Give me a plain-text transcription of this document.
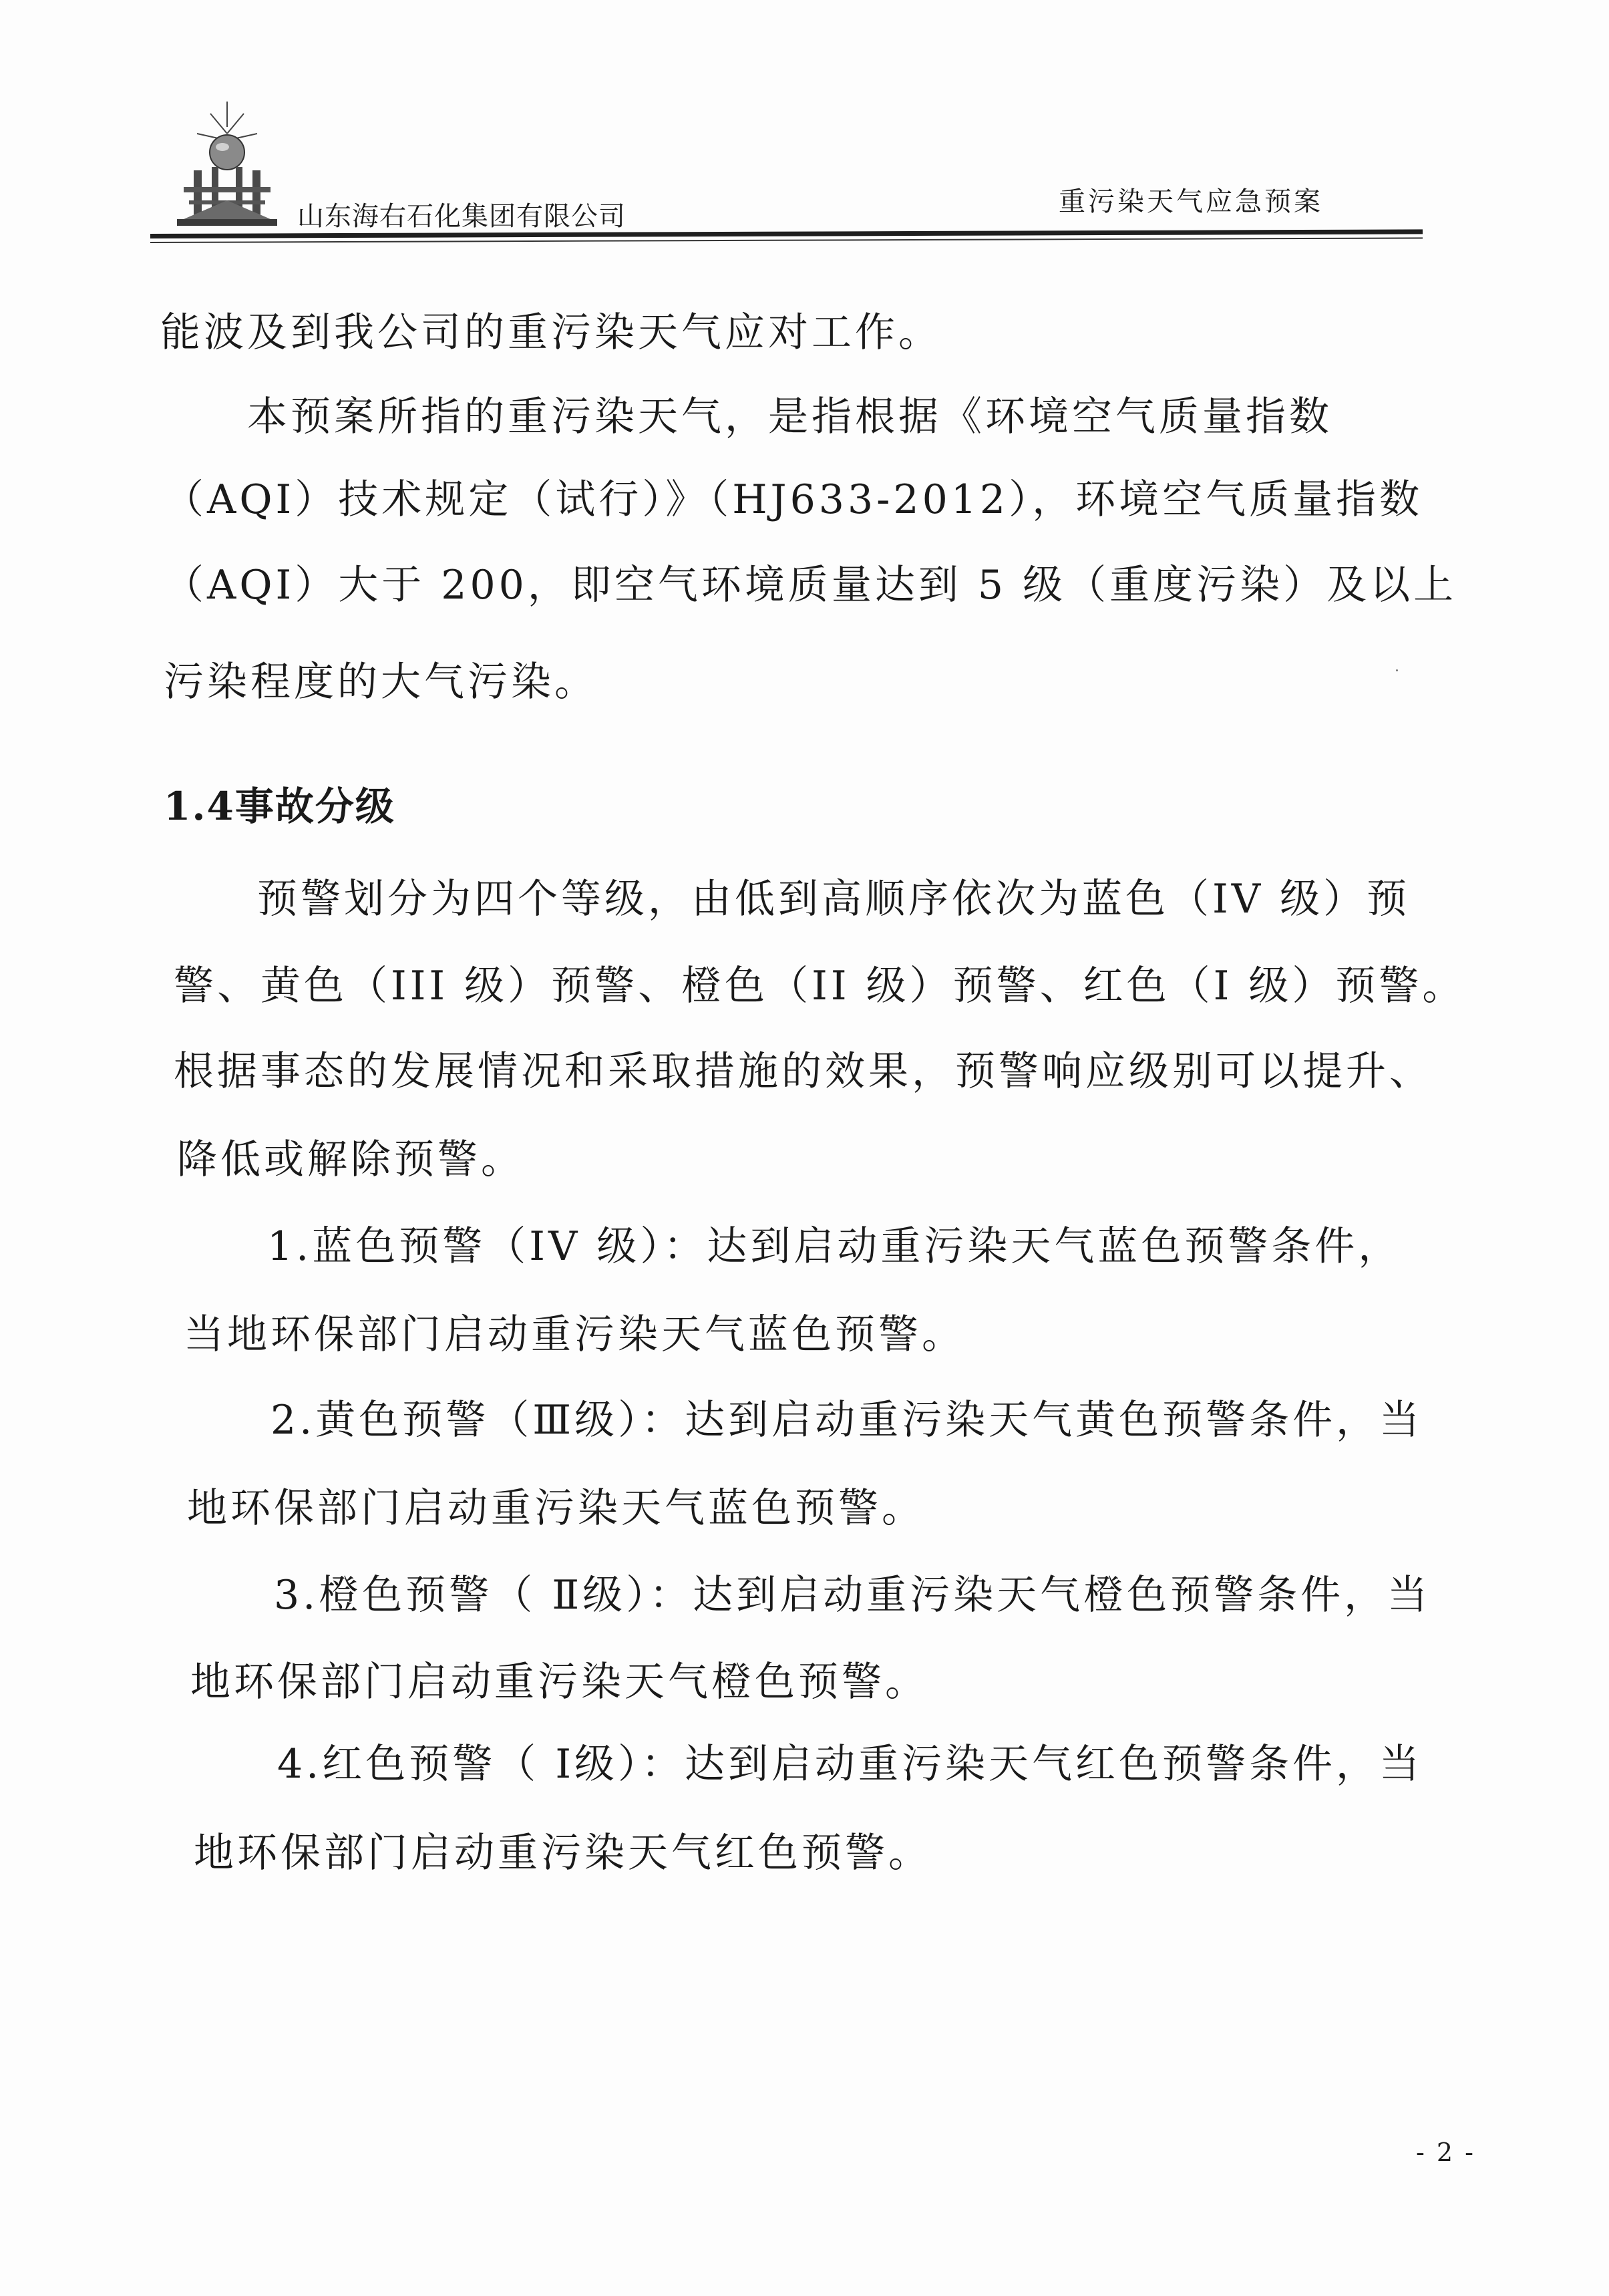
山东海右石化集团有限公司	重污染天气应急预案
能波及到我公司的重污染天气应对工作。
本预案所指的重污染天气，是指根据《环境空气质量指数
（AQI）技术规定（试行）》（HJ633-2012），环境空气质量指数
（AQI）大于 200，即空气环境质量达到 5 级（重度污染）及以上
污染程度的大气污染。
1.4事故分级
预警划分为四个等级，由低到高顺序依次为蓝色（IV 级）预
警、黄色（III 级）预警、橙色（II 级）预警、红色（I 级）预警。
根据事态的发展情况和采取措施的效果，预警响应级别可以提升、
降低或解除预警。
1.蓝色预警（IV 级）：达到启动重污染天气蓝色预警条件，
当地环保部门启动重污染天气蓝色预警。
2.黄色预警（Ⅲ级）：达到启动重污染天气黄色预警条件，当
地环保部门启动重污染天气蓝色预警。
3.橙色预警（ Ⅱ级）：达到启动重污染天气橙色预警条件，当
地环保部门启动重污染天气橙色预警。
4.红色预警（ Ⅰ级）：达到启动重污染天气红色预警条件，当
地环保部门启动重污染天气红色预警。
- 2 -
